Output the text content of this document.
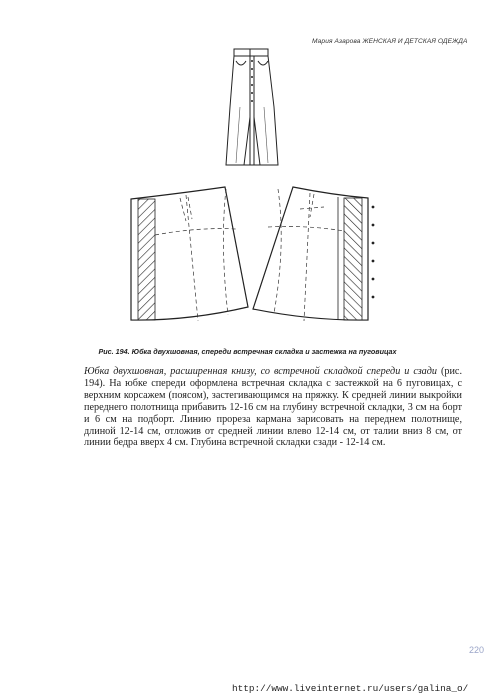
Мария Азарова ЖЕНСКАЯ И ДЕТСКАЯ ОДЕЖДА
Рис. 194. Юбка двухшовная, спереди встречная складка и застежка на пуговицах
Юбка двухшовная, расширенная книзу, со встречной складкой спереди и сзади (рис. 194). На юбке спереди оформлена встречная складка с застежкой на 6 пуговицах, с верхним корсажем (поясом), застегивающимся на пряжку. К средней линии выкройки переднего полотнища прибавить 12-16 см на глубину встречной складки, 3 см на борт и 6 см на подборт. Линию прореза кармана зарисовать на переднем полотнище, длиной 12-14 см, отложив от средней линии влево 12-14 см, от талии вниз 8 см, от линии бедра вверх 4 см. Глубина встречной складки сзади - 12-14 см.
220
http://www.liveinternet.ru/users/galina_o/
